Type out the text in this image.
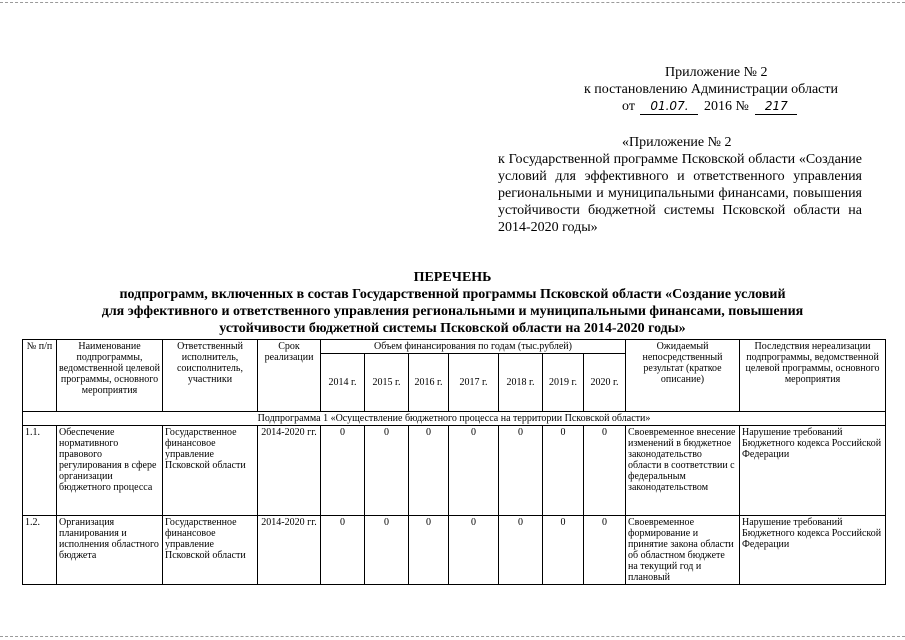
Приложение № 2
к постановлению Администрации области
от 01.07. 2016 № 217
«Приложение № 2
к Государственной программе Псковской области «Создание условий для эффективного и ответственного управления региональными и муниципальными финансами, повышения устойчивости бюджетной системы Псковской области на 2014-2020 годы»
ПЕРЕЧЕНЬ
подпрограмм, включенных в состав Государственной программы Псковской области «Создание условий
для эффективного и ответственного управления региональными и муниципальными финансами, повышения
устойчивости бюджетной системы Псковской области на 2014-2020 годы»
№ п/п	Наименование подпрограммы, ведомственной целевой программы, основного мероприятия	Ответственный исполнитель, соисполнитель, участники	Срок реализации	Объем финансирования по годам (тыс.рублей)							Ожидаемый непосредственный результат (краткое описание)	Последствия нереализации подпрограммы, ведомственной целевой программы, основного мероприятия
				2014 г.	2015 г.	2016 г.	2017 г.	2018 г.	2019 г.	2020 г.		
Подпрограмма 1 «Осуществление бюджетного процесса на территории Псковской области»												
1.1.	Обеспечение нормативного правового регулирования в сфере организации бюджетного процесса	Государственное финансовое управление Псковской области	2014-2020 гг.	0	0	0	0	0	0	0	Своевременное внесение изменений в бюджетное законодательство области в соответствии с федеральным законодательством	Нарушение требований Бюджетного кодекса Российской Федерации
1.2.	Организация планирования и исполнения областного бюджета	Государственное финансовое управление Псковской области	2014-2020 гг.	0	0	0	0	0	0	0	Своевременное формирование и принятие закона области об областном бюджете на текущий год и плановый	Нарушение требований Бюджетного кодекса Российской Федерации
